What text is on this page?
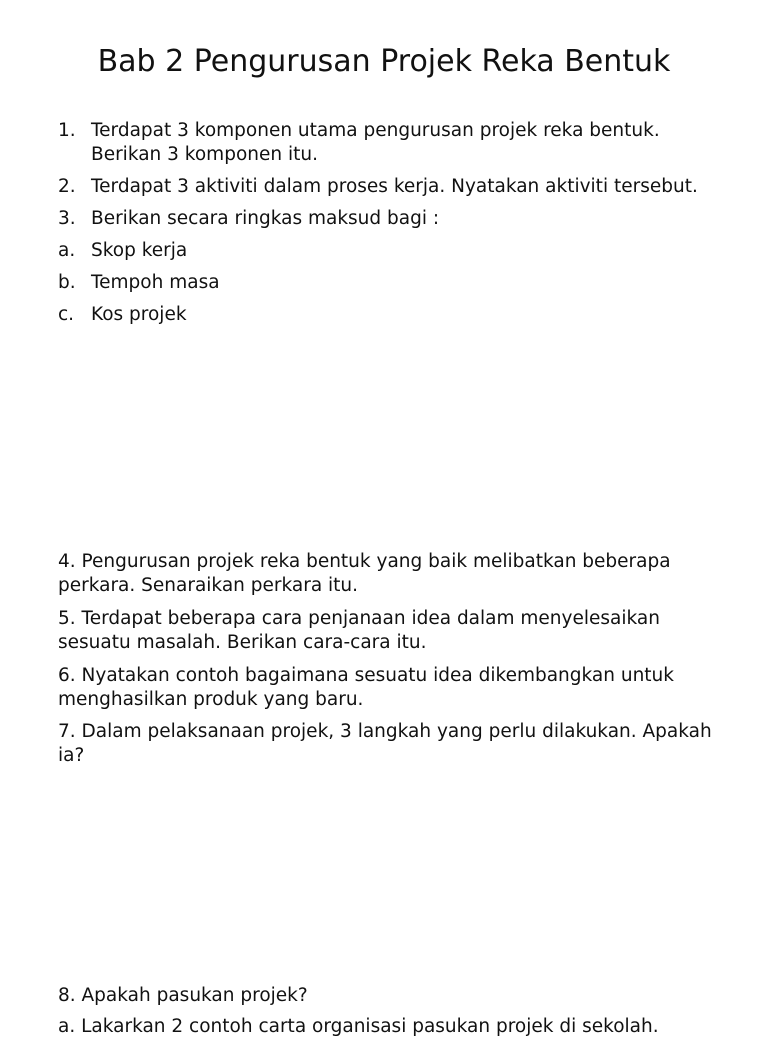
Bab 2 Pengurusan Projek Reka Bentuk
1. Terdapat 3 komponen utama pengurusan projek reka bentuk. Berikan 3 komponen itu.
2. Terdapat 3 aktiviti dalam proses kerja. Nyatakan aktiviti tersebut.
3. Berikan secara ringkas maksud bagi :
a. Skop kerja
b. Tempoh masa
c. Kos projek

4. Pengurusan projek reka bentuk yang baik melibatkan beberapa perkara. Senaraikan perkara itu.

5. Terdapat beberapa cara penjanaan idea dalam menyelesaikan sesuatu masalah. Berikan cara-cara itu.

6. Nyatakan contoh bagaimana sesuatu idea dikembangkan untuk menghasilkan produk yang baru.

7. Dalam pelaksanaan projek, 3 langkah yang perlu dilakukan. Apakah ia?

8. Apakah pasukan projek?

a. Lakarkan 2 contoh carta organisasi pasukan projek di sekolah.
